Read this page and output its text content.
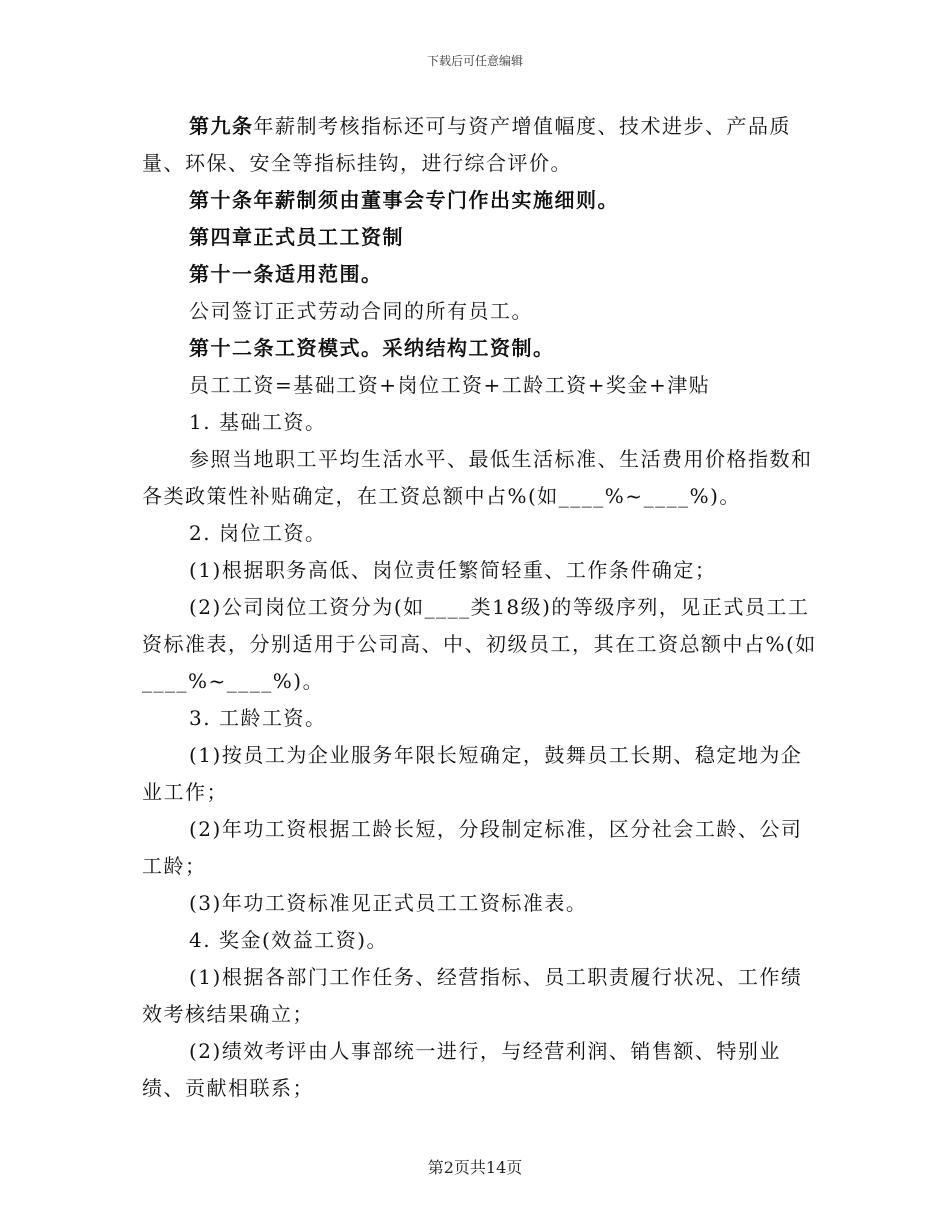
下载后可任意编辑

第九条年薪制考核指标还可与资产增值幅度、技术进步、产品质量、环保、安全等指标挂钩，进行综合评价。

第十条年薪制须由董事会专门作出实施细则。

第四章正式员工工资制

第十一条适用范围。

公司签订正式劳动合同的所有员工。

第十二条工资模式。采纳结构工资制。

员工工资=基础工资+岗位工资+工龄工资+奖金+津贴

1. 基础工资。

参照当地职工平均生活水平、最低生活标准、生活费用价格指数和各类政策性补贴确定，在工资总额中占%(如____%~____%)。

2. 岗位工资。

(1)根据职务高低、岗位责任繁简轻重、工作条件确定；

(2)公司岗位工资分为(如____类18级)的等级序列，见正式员工工资标准表，分别适用于公司高、中、初级员工，其在工资总额中占%(如____%~____%)。

3. 工龄工资。

(1)按员工为企业服务年限长短确定，鼓舞员工长期、稳定地为企业工作；

(2)年功工资根据工龄长短，分段制定标准，区分社会工龄、公司工龄；

(3)年功工资标准见正式员工工资标准表。

4. 奖金(效益工资)。

(1)根据各部门工作任务、经营指标、员工职责履行状况、工作绩效考核结果确立；

(2)绩效考评由人事部统一进行，与经营利润、销售额、特别业绩、贡献相联系；

第2页共14页
